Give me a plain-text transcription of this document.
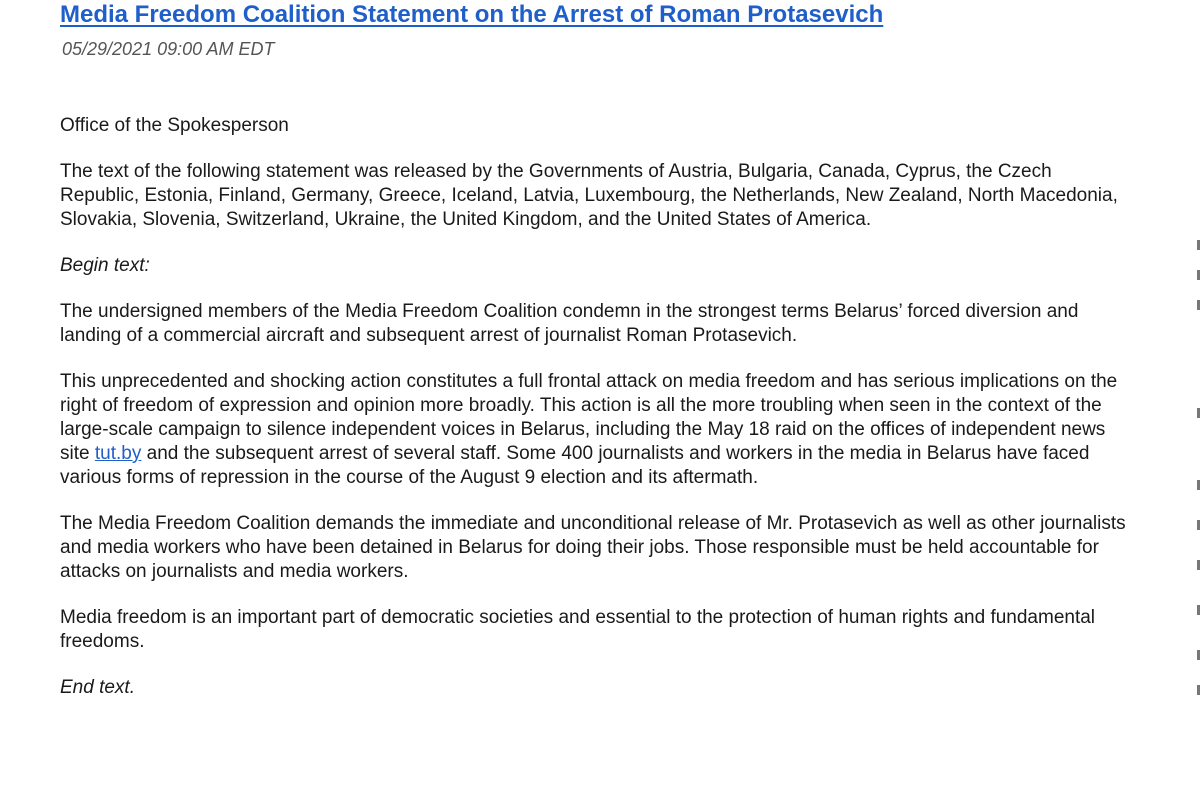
Media Freedom Coalition Statement on the Arrest of Roman Protasevich
05/29/2021 09:00 AM EDT

Office of the Spokesperson

The text of the following statement was released by the Governments of Austria, Bulgaria, Canada, Cyprus, the Czech Republic, Estonia, Finland, Germany, Greece, Iceland, Latvia, Luxembourg, the Netherlands, New Zealand, North Macedonia, Slovakia, Slovenia, Switzerland, Ukraine, the United Kingdom, and the United States of America.

Begin text:

The undersigned members of the Media Freedom Coalition condemn in the strongest terms Belarus’ forced diversion and landing of a commercial aircraft and subsequent arrest of journalist Roman Protasevich.

This unprecedented and shocking action constitutes a full frontal attack on media freedom and has serious implications on the right of freedom of expression and opinion more broadly. This action is all the more troubling when seen in the context of the large-scale campaign to silence independent voices in Belarus, including the May 18 raid on the offices of independent news site tut.by and the subsequent arrest of several staff. Some 400 journalists and workers in the media in Belarus have faced various forms of repression in the course of the August 9 election and its aftermath.

The Media Freedom Coalition demands the immediate and unconditional release of Mr. Protasevich as well as other journalists and media workers who have been detained in Belarus for doing their jobs. Those responsible must be held accountable for attacks on journalists and media workers.

Media freedom is an important part of democratic societies and essential to the protection of human rights and fundamental freedoms.

End text.
